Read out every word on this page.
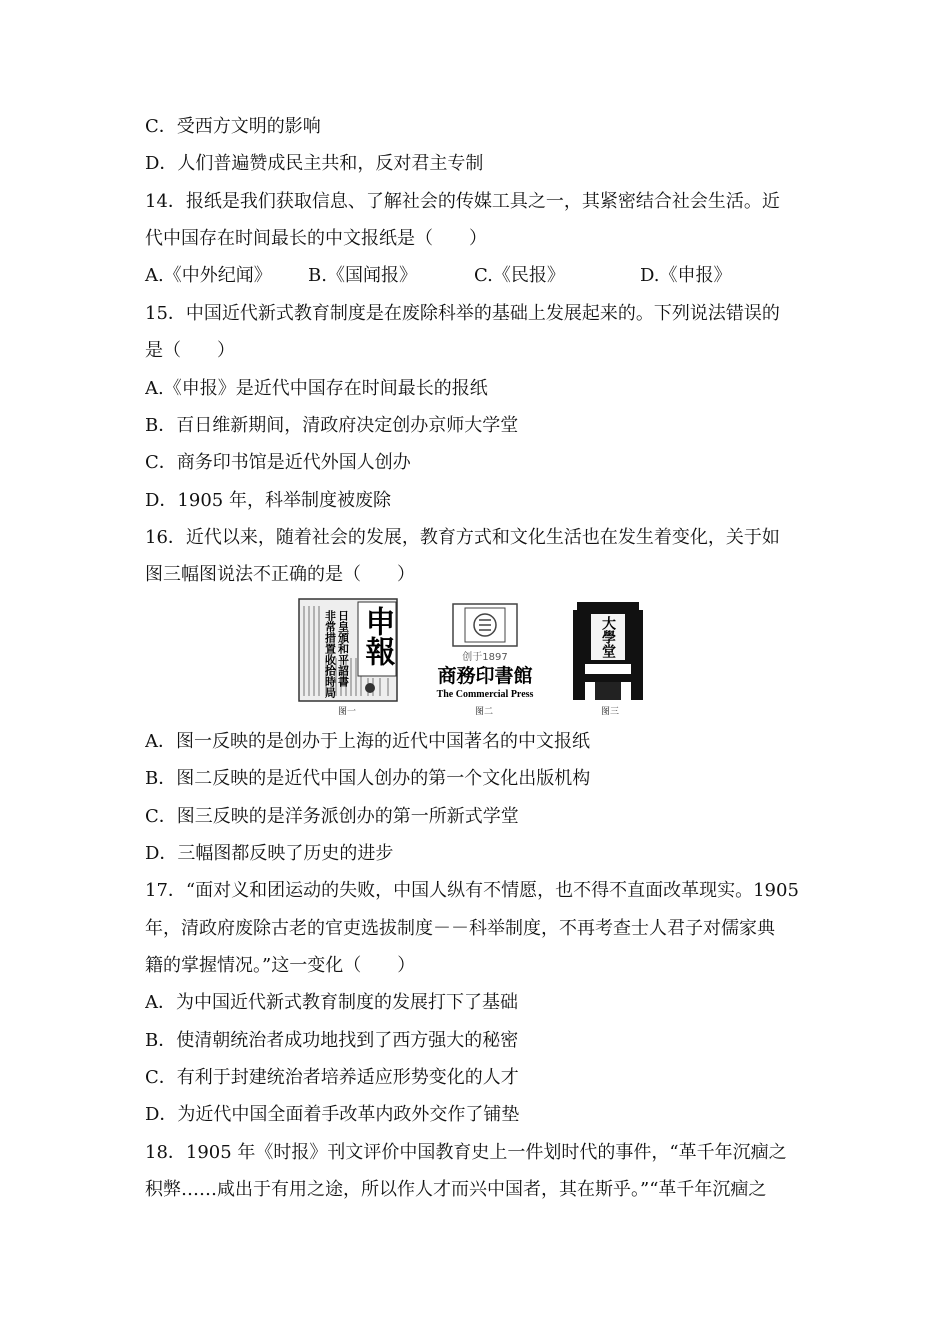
C．受西方文明的影响
D．人们普遍赞成民主共和，反对君主专制
14．报纸是我们获取信息、了解社会的传媒工具之一，其紧密结合社会生活。近
代中国存在时间最长的中文报纸是（　　）
A.《中外纪闻》 B.《国闻报》	C.《民报》	D.《申报》
15．中国近代新式教育制度是在废除科举的基础上发展起来的。下列说法错误的
是（　　）
A.《申报》是近代中国存在时间最长的报纸
B．百日维新期间，清政府决定创办京师大学堂
C．商务印书馆是近代外国人创办
D．1905 年，科举制度被废除
16．近代以来，随着社会的发展，教育方式和文化生活也在发生着变化，关于如
图三幅图说法不正确的是（　　）
非常措置收拾時局 日皇頒和平詔書 申報
图一
创于1897
商務印書館
The Commercial Press
图二
大學堂
图三
A．图一反映的是创办于上海的近代中国著名的中文报纸
B．图二反映的是近代中国人创办的第一个文化出版机构
C．图三反映的是洋务派创办的第一所新式学堂
D．三幅图都反映了历史的进步
17．“面对义和团运动的失败，中国人纵有不情愿，也不得不直面改革现实。1905
年，清政府废除古老的官吏选拔制度－－科举制度，不再考查士人君子对儒家典
籍的掌握情况。”这一变化（　　）
A．为中国近代新式教育制度的发展打下了基础
B．使清朝统治者成功地找到了西方强大的秘密
C．有利于封建统治者培养适应形势变化的人才
D．为近代中国全面着手改革内政外交作了铺垫
18．1905 年《时报》刊文评价中国教育史上一件划时代的事件，“革千年沉痼之
积弊……咸出于有用之途，所以作人才而兴中国者，其在斯乎。”“革千年沉痼之
